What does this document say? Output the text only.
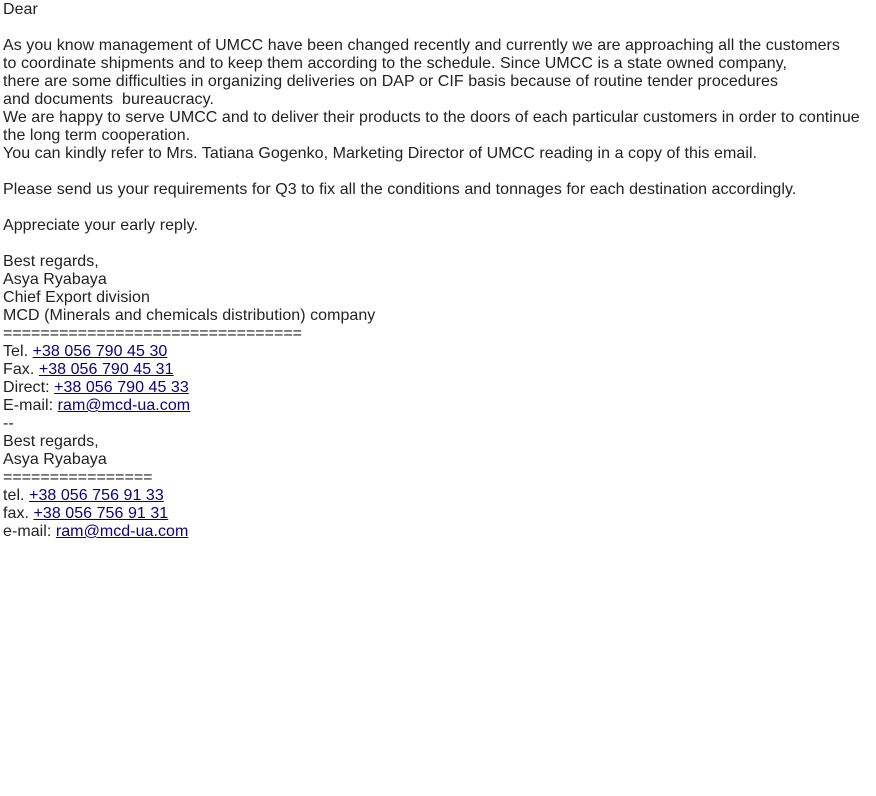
Dear
As you know management of UMCC have been changed recently and currently we are approaching all the customers
to coordinate shipments and to keep them according to the schedule. Since UMCC is a state owned company,
there are some difficulties in organizing deliveries on DAP or CIF basis because of routine tender procedures
and documents  bureaucracy.
We are happy to serve UMCC and to deliver their products to the doors of each particular customers in order to continue
the long term cooperation.
You can kindly refer to Mrs. Tatiana Gogenko, Marketing Director of UMCC reading in a copy of this email.
Please send us your requirements for Q3 to fix all the conditions and tonnages for each destination accordingly.
Appreciate your early reply.
Best regards,
Asya Ryabaya
Chief Export division
MCD (Minerals and chemicals distribution) company
================================
Tel. +38 056 790 45 30
Fax. +38 056 790 45 31
Direct: +38 056 790 45 33
E-mail: ram@mcd-ua.com
--
Best regards,
Asya Ryabaya
================
tel. +38 056 756 91 33
fax. +38 056 756 91 31
e-mail: ram@mcd-ua.com
